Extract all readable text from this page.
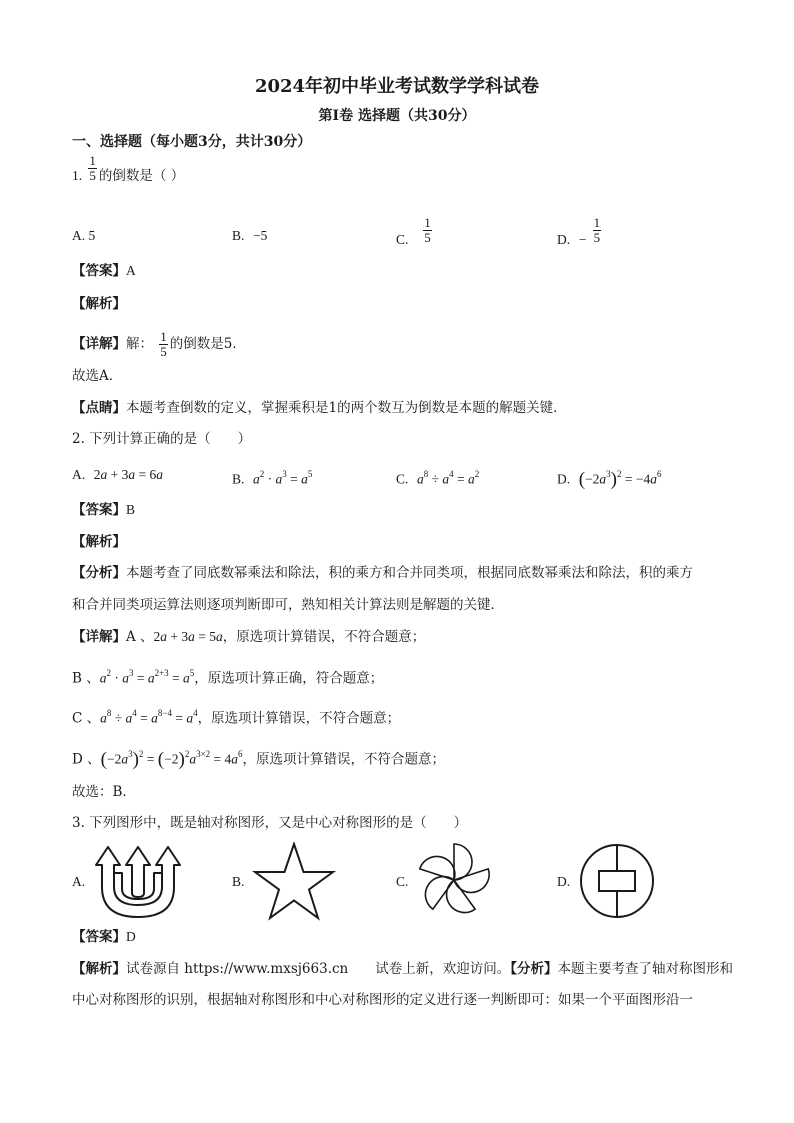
2024年初中毕业考试数学学科试卷
第Ⅰ卷 选择题（共30分）
一、选择题（每小题3分，共计30分）
1. $\frac{1}{5}$ 的倒数是（ ）
A. 5	B. −5	C. $\frac{1}{5}$	D. − $\frac{1}{5}$
【答案】A
【解析】
【详解】解： $\frac{1}{5}$ 的倒数是5．
故选A．
【点睛】本题考查倒数的定义，掌握乘积是1的两个数互为倒数是本题的解题关键．
2. 下列计算正确的是（　　）
A. 2a + 3a = 6a	B. $a^2 \cdot a^3 = a^5$	C. $a^8 \div a^4 = a^2$	D. $(-2a^3)^2 = -4a^6$
【答案】B
【解析】
【分析】本题考查了同底数幂乘法和除法，积的乘方和合并同类项，根据同底数幂乘法和除法，积的乘方
和合并同类项运算法则逐项判断即可，熟知相关计算法则是解题的关键．
【详解】A 、2a + 3a = 5a，原选项计算错误，不符合题意；
B 、$a^2 \cdot a^3 = a^{2+3} = a^5$，原选项计算正确，符合题意；
C 、$a^8 \div a^4 = a^{8-4} = a^4$，原选项计算错误，不符合题意；
D 、$(-2a^3)^2 = (-2)^2a^{3\times 2} = 4a^6$，原选项计算错误，不符合题意；
故选：B．
3. 下列图形中，既是轴对称图形，又是中心对称图形的是（　　）
A.	B.	C.	D.
【答案】D
【解析】试卷源自 https://www.mxsj663.cn　　试卷上新，欢迎访问。【分析】本题主要考查了轴对称图形和
中心对称图形的识别，根据轴对称图形和中心对称图形的定义进行逐一判断即可：如果一个平面图形沿一
